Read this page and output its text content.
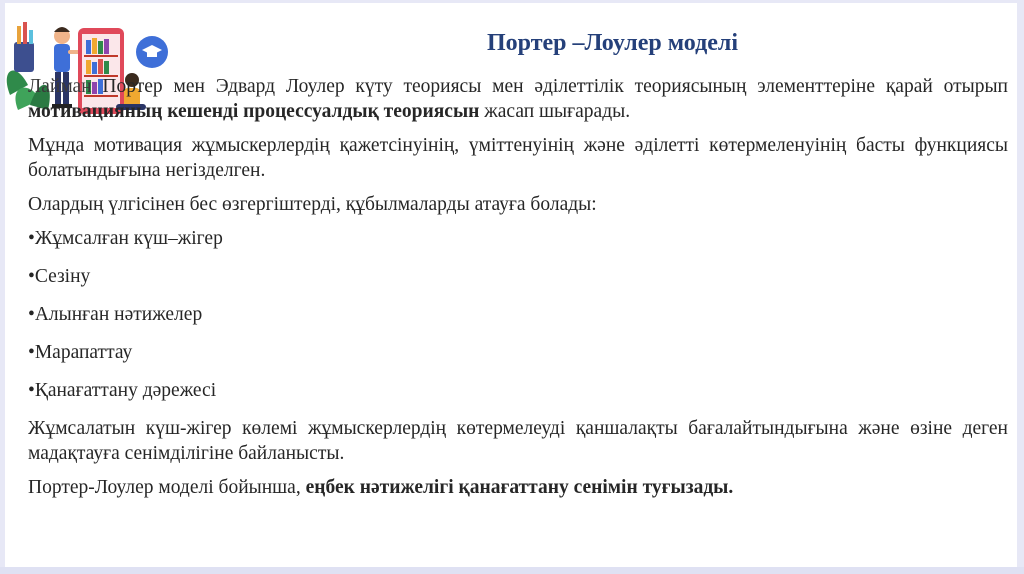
Портер –Лоулер моделі

Лайман Портер мен Эдвард Лоулер күту теориясы мен әділеттілік теориясының элементтеріне қарай отырып мотивацияның кешенді процессуалдық теориясын жасап шығарады.

Мұнда мотивация жұмыскерлердің қажетсінуінің, үміттенуінің және әділетті көтермеленуінің басты функциясы болатындығына негізделген.

Олардың үлгісінен бес өзгергіштерді, құбылмаларды атауға болады:

•Жұмсалған күш–жігер

•Сезіну

•Алынған нәтижелер

•Марапаттау

•Қанағаттану дәрежесі

Жұмсалатын күш-жігер көлемі жұмыскерлердің көтермелеуді қаншалақты бағалайтындығына және өзіне деген мадақтауға сенімділігіне байланысты.

Портер-Лоулер моделі бойынша, еңбек нәтижелігі қанағаттану сенімін туғызады.
